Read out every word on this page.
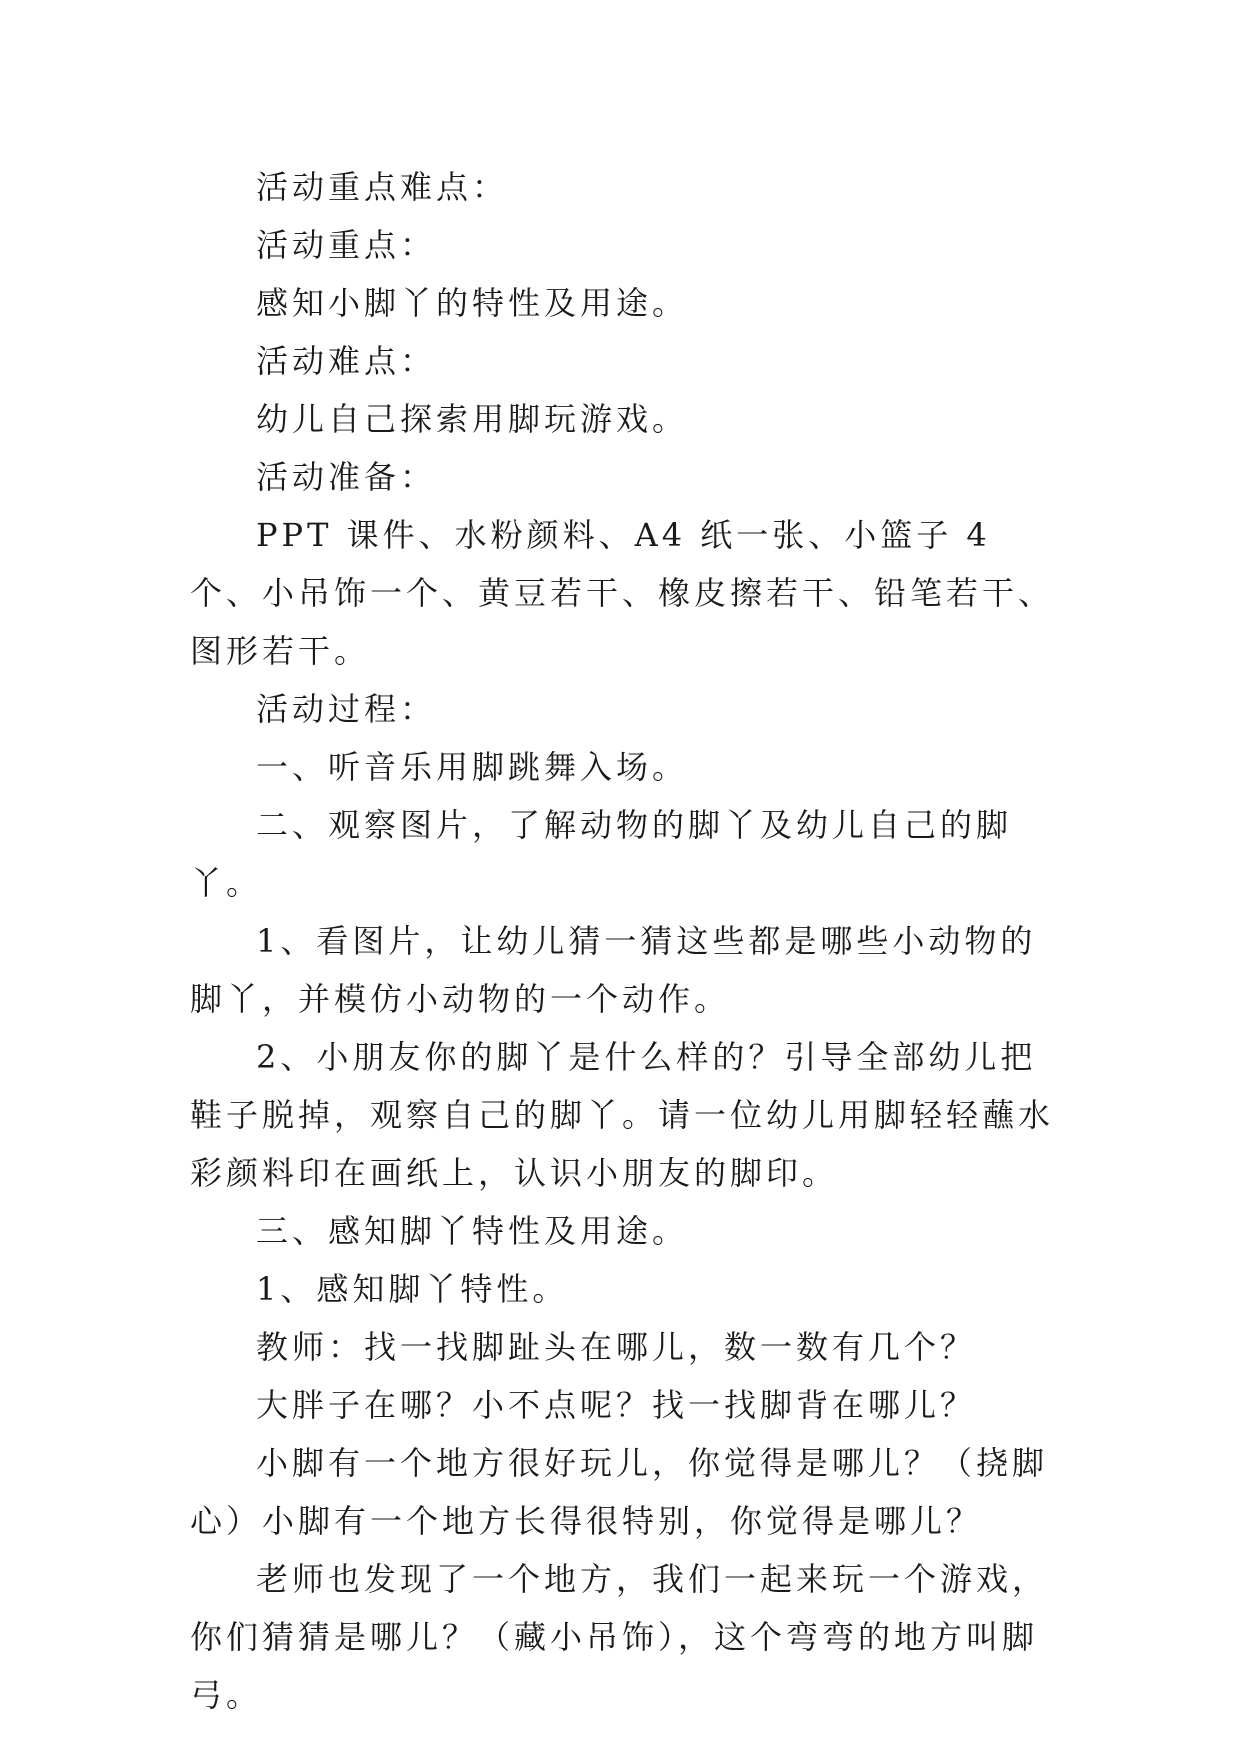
活动重点难点：

活动重点：

感知小脚丫的特性及用途。

活动难点：

幼儿自己探索用脚玩游戏。

活动准备：

PPT 课件、水粉颜料、A4 纸一张、小篮子 4 个、小吊饰一个、黄豆若干、橡皮擦若干、铅笔若干、图形若干。

活动过程：

一、听音乐用脚跳舞入场。

二、观察图片，了解动物的脚丫及幼儿自己的脚丫。

1、看图片，让幼儿猜一猜这些都是哪些小动物的脚丫，并模仿小动物的一个动作。

2、小朋友你的脚丫是什么样的？引导全部幼儿把鞋子脱掉，观察自己的脚丫。请一位幼儿用脚轻轻蘸水彩颜料印在画纸上，认识小朋友的脚印。

三、感知脚丫特性及用途。

1、感知脚丫特性。

教师：找一找脚趾头在哪儿，数一数有几个？

大胖子在哪？小不点呢？找一找脚背在哪儿？

小脚有一个地方很好玩儿，你觉得是哪儿？（挠脚心）小脚有一个地方长得很特别，你觉得是哪儿？

老师也发现了一个地方，我们一起来玩一个游戏，你们猜猜是哪儿？（藏小吊饰），这个弯弯的地方叫脚弓。
